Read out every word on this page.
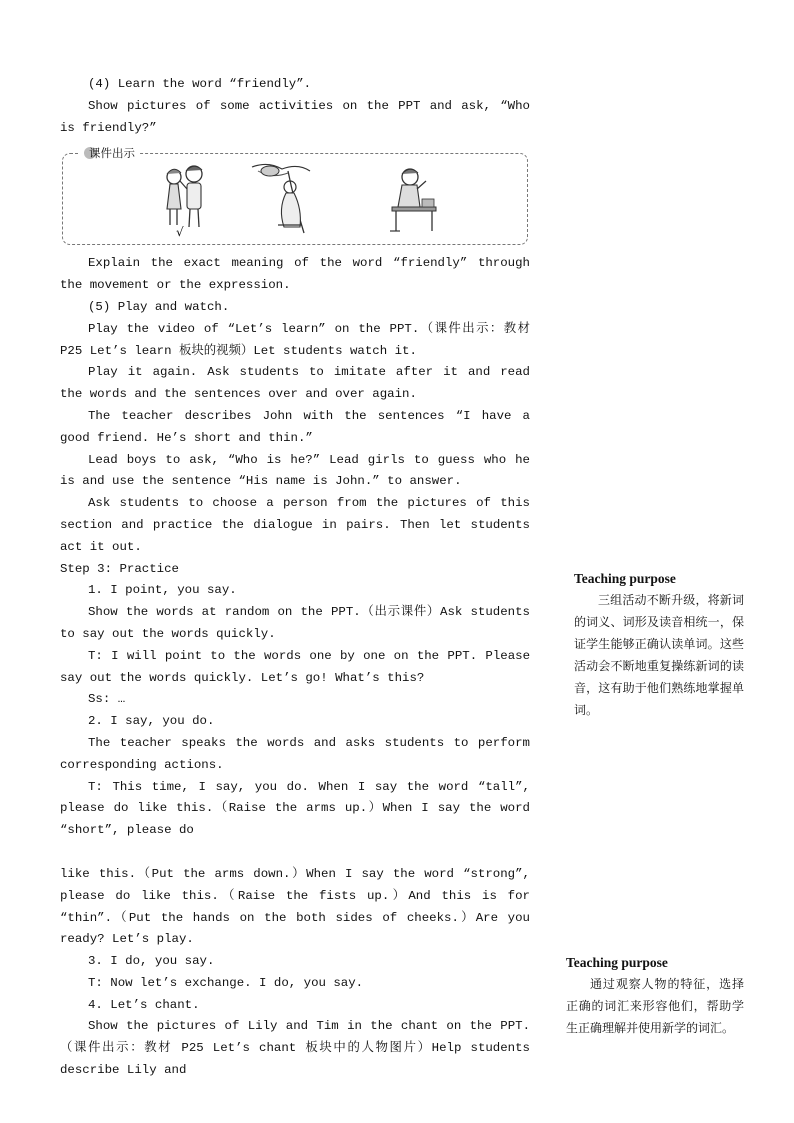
(4) Learn the word “friendly”.

Show pictures of some activities on the PPT and ask, “Who is friendly?”

课件出示
√

Explain the exact meaning of the word “friendly” through the movement or the expression.

(5) Play and watch.

Play the video of “Let’s learn” on the PPT.（课件出示：教材 P25 Let’s learn 板块的视频）Let students watch it.

Play it again. Ask students to imitate after it and read the words and the sentences over and over again.

The teacher describes John with the sentences “I have a good friend. He’s short and thin.”

Lead boys to ask, “Who is he?” Lead girls to guess who he is and use the sentence “His name is John.” to answer.

Ask students to choose a person from the pictures of this section and practice the dialogue in pairs. Then let students act it out.

Step 3: Practice

1. I point, you say.

Show the words at random on the PPT.（出示课件）Ask students to say out the words quickly.

T: I will point to the words one by one on the PPT. Please say out the words quickly. Let’s go! What’s this?

Ss: …

2. I say, you do.

The teacher speaks the words and asks students to perform corresponding actions.

T: This time, I say, you do. When I say the word “tall”, please do like this.（Raise the arms up.）When I say the word “short”, please do

like this.（Put the arms down.）When I say the word “strong”, please do like this.（Raise the fists up.）And this is for “thin”.（Put the hands on the both sides of cheeks.）Are you ready? Let’s play.

3. I do, you say.

T: Now let’s exchange. I do, you say.

4. Let’s chant.

Show the pictures of Lily and Tim in the chant on the PPT.（课件出示：教材 P25 Let’s chant 板块中的人物图片）Help students describe Lily and

Teaching purpose

三组活动不断升级，将新词的词义、词形及读音相统一，保证学生能够正确认读单词。这些活动会不断地重复操练新词的读音，这有助于他们熟练地掌握单词。

Teaching purpose

通过观察人物的特征，选择正确的词汇来形容他们，帮助学生正确理解并使用新学的词汇。
